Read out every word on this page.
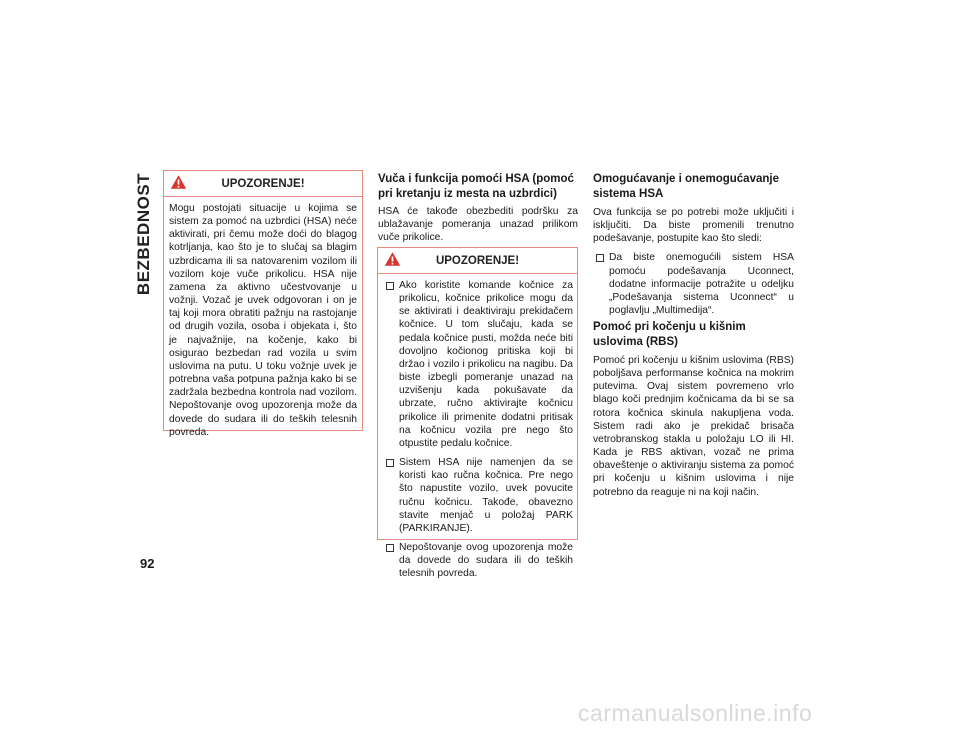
BEZBEDNOST	UPOZORENJE!

Mogu postojati situacije u kojima se sistem za pomoć na uzbrdici (HSA) neće aktivirati, pri čemu može doći do blagog kotrljanja, kao što je to slučaj sa blagim uzbrdicama ili sa natovarenim vozilom ili vozilom koje vuče prikolicu. HSA nije zamena za aktivno učestvovanje u vožnji. Vozač je uvek odgovoran i on je taj koji mora obratiti pažnju na rastojanje od drugih vozila, osoba i objekata i, što je najvažnije, na kočenje, kako bi osigurao bezbedan rad vozila u svim uslovima na putu. U toku vožnje uvek je potrebna vaša potpuna pažnja kako bi se zadržala bezbedna kontrola nad vozilom. Nepoštovanje ovog upozorenja može da dovede do sudara ili do teških telesnih povreda.

Vuča i funkcija pomoći HSA (pomoć pri kretanju iz mesta na uzbrdici)

HSA će takođe obezbediti podršku za ublažavanje pomeranja unazad prilikom vuče prikolice.

UPOZORENJE!
Ako koristite komande kočnice za prikolicu, kočnice prikolice mogu da se aktivirati i deaktiviraju prekidačem kočnice. U tom slučaju, kada se pedala kočnice pusti, možda neće biti dovoljno kočionog pritiska koji bi držao i vozilo i prikolicu na nagibu. Da biste izbegli pomeranje unazad na uzvišenju kada pokušavate da ubrzate, ručno aktivirajte kočnicu prikolice ili primenite dodatni pritisak na kočnicu vozila pre nego što otpustite pedalu kočnice.
Sistem HSA nije namenjen da se koristi kao ručna kočnica. Pre nego što napustite vozilo, uvek povucite ručnu kočnicu. Takođe, obavezno stavite menjač u položaj PARK (PARKIRANJE).
Nepoštovanje ovog upozorenja može da dovede do sudara ili do teških telesnih povreda.
Omogućavanje i onemogućavanje sistema HSA

Ova funkcija se po potrebi može uključiti i isključiti. Da biste promenili trenutno podešavanje, postupite kao što sledi:

Da biste onemogućili sistem HSA pomoću podešavanja Uconnect, dodatne informacije potražite u odeljku „Podešavanja sistema Uconnect“ u poglavlju „Multimedija“.
Pomoć pri kočenju u kišnim uslovima (RBS)

Pomoć pri kočenju u kišnim uslovima (RBS) poboljšava performanse kočnica na mokrim putevima. Ovaj sistem povremeno vrlo blago koči prednjim kočnicama da bi se sa rotora kočnica skinula nakupljena voda. Sistem radi ako je prekidač brisača vetrobranskog stakla u položaju LO ili HI. Kada je RBS aktivan, vozač ne prima obaveštenje o aktiviranju sistema za pomoć pri kočenju u kišnim uslovima i nije potrebno da reaguje ni na koji način.

92
carmanualsonline.info
